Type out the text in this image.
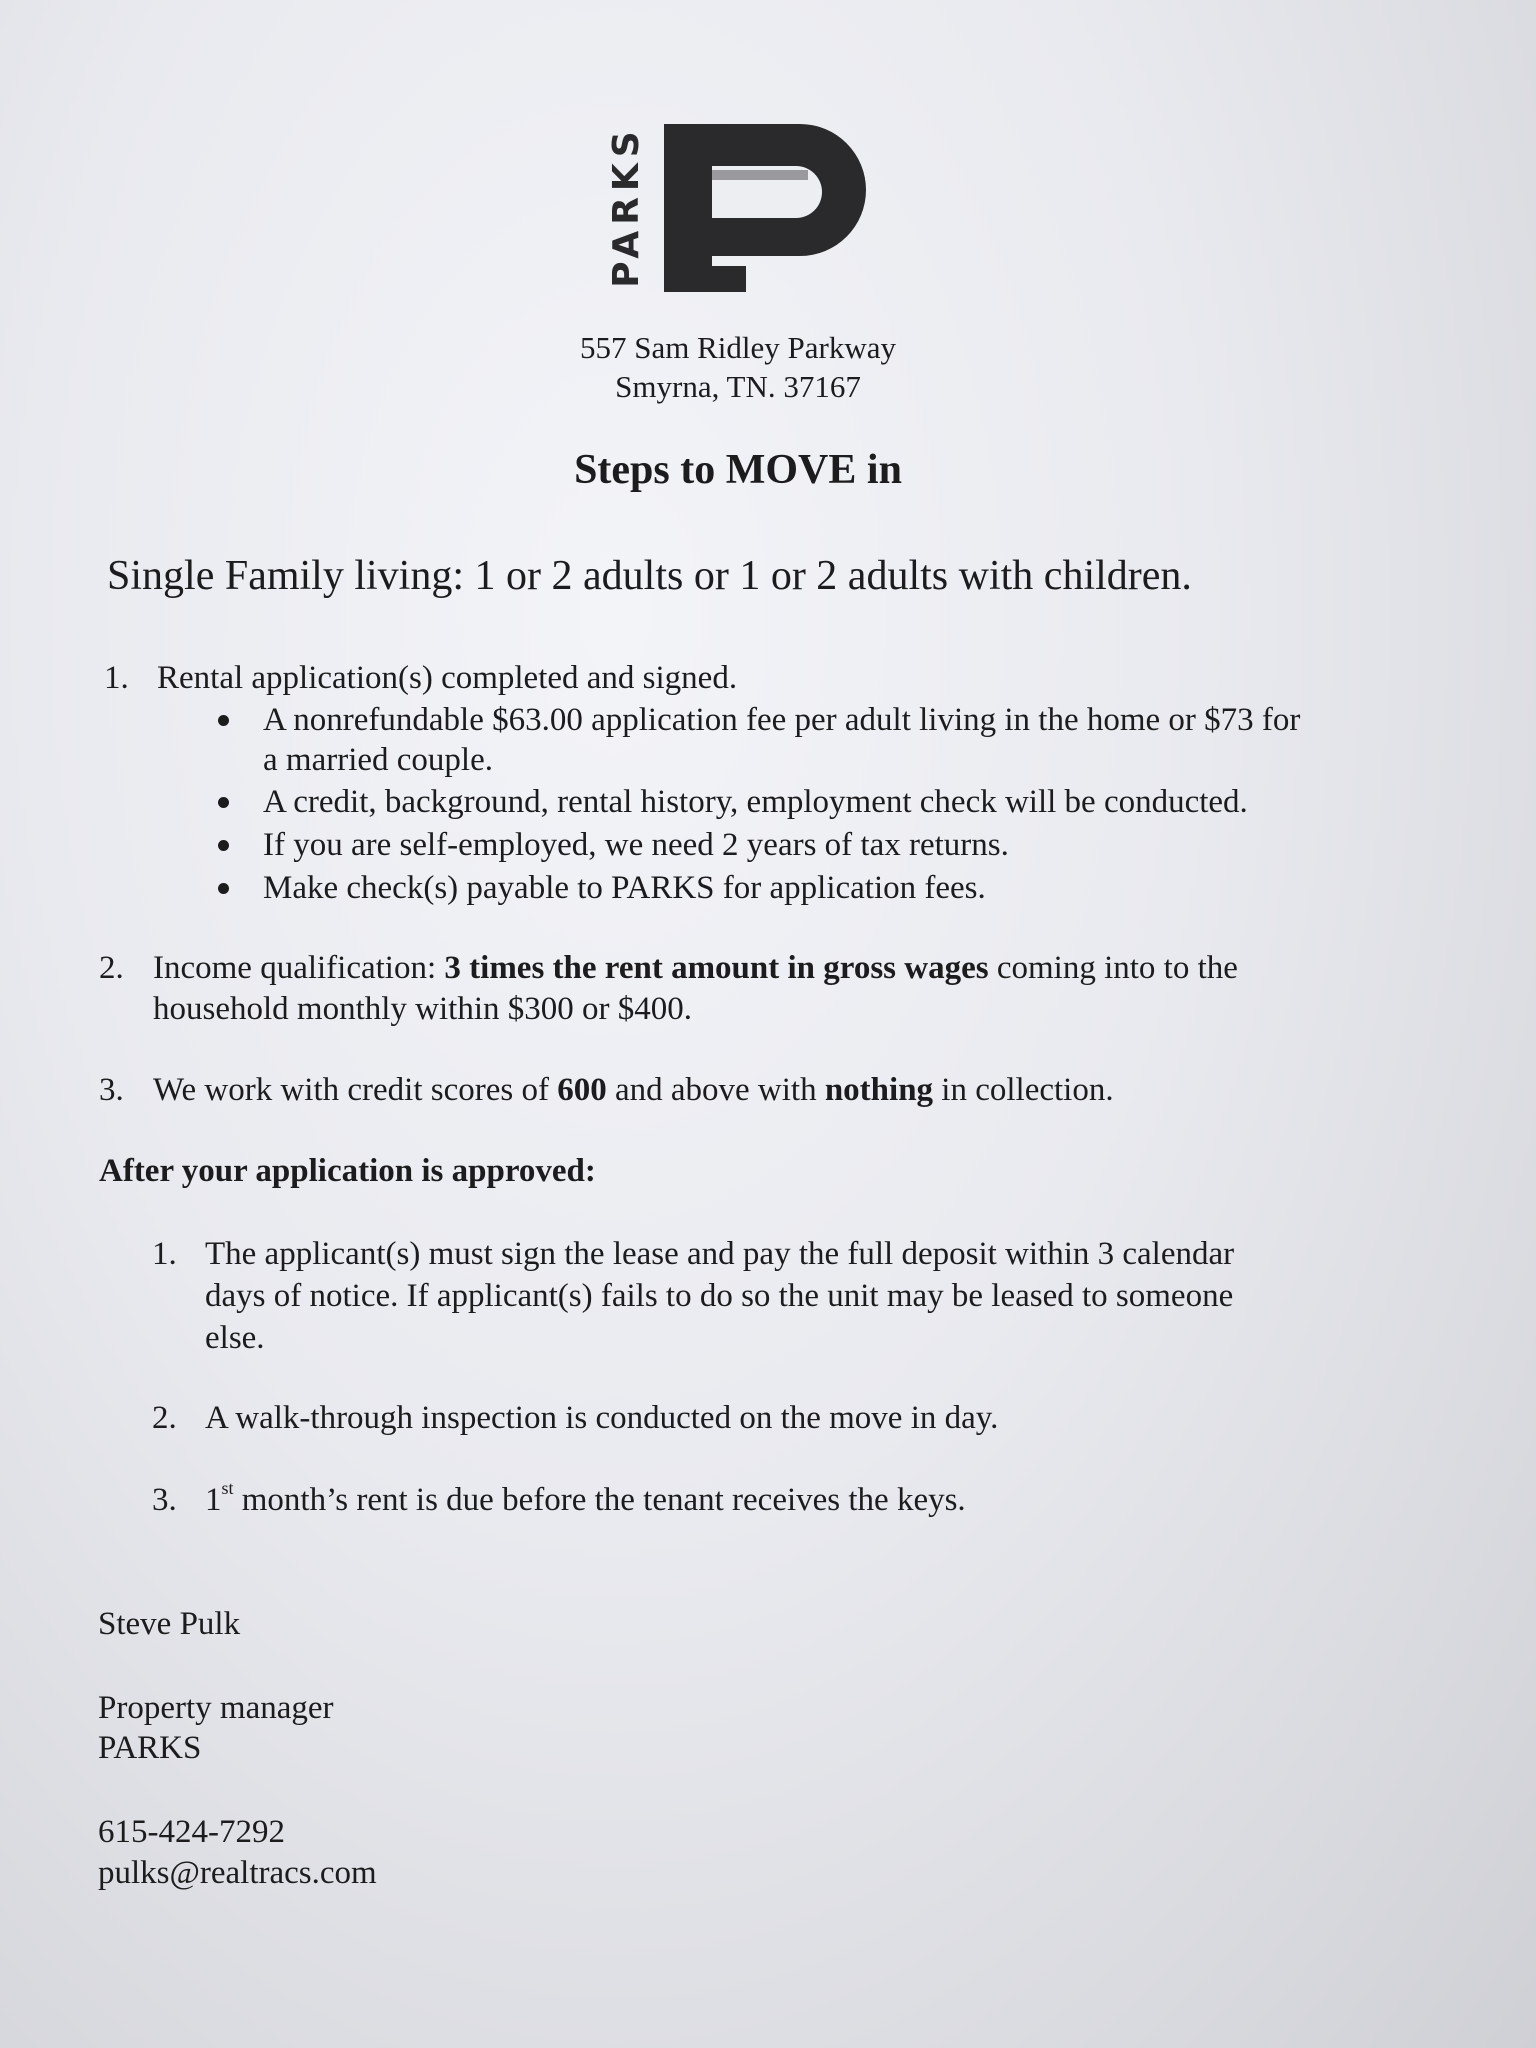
PARKS
557 Sam Ridley Parkway
Smyrna, TN. 37167
Steps to MOVE in
Single Family living: 1 or 2 adults or 1 or 2 adults with children.
1. Rental application(s) completed and signed.
A nonrefundable $63.00 application fee per adult living in the home or $73 for
a married couple.
A credit, background, rental history, employment check will be conducted.
If you are self-employed, we need 2 years of tax returns.
Make check(s) payable to PARKS for application fees.
2. Income qualification: 3 times the rent amount in gross wages coming into to the
household monthly within $300 or $400.
3. We work with credit scores of 600 and above with nothing in collection.
After your application is approved:
1. The applicant(s) must sign the lease and pay the full deposit within 3 calendar
days of notice. If applicant(s) fails to do so the unit may be leased to someone
else.
2. A walk-through inspection is conducted on the move in day.
3. 1st month’s rent is due before the tenant receives the keys.
Steve Pulk
Property manager
PARKS
615-424-7292
pulks@realtracs.com
